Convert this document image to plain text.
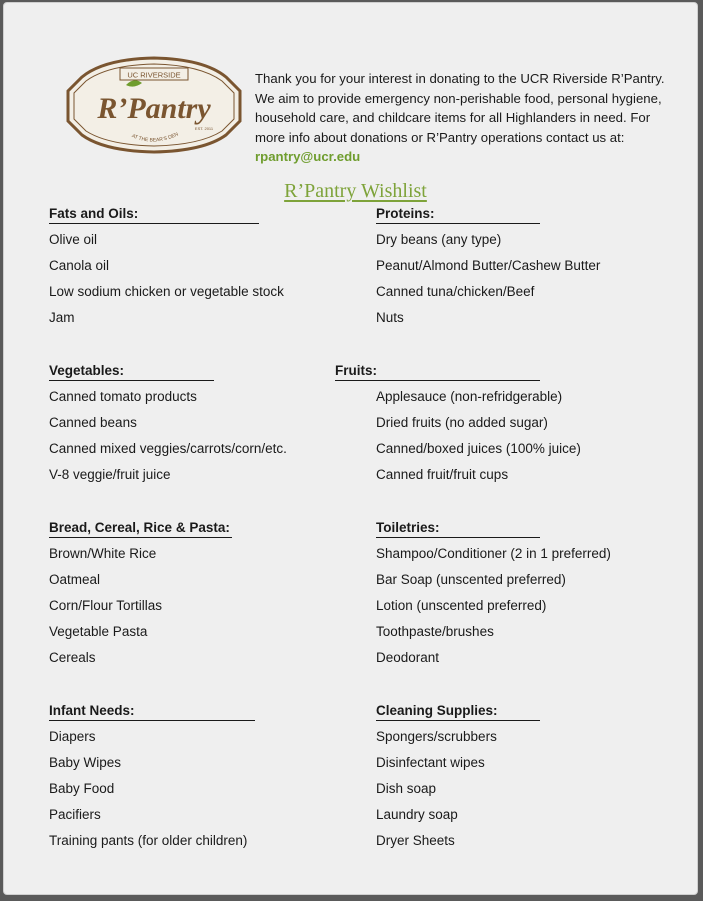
UC RIVERSIDE
R’Pantry
EST. 2011
AT THE BEAR’S DEN
Thank you for your interest in donating to the UCR Riverside R’Pantry. We aim to provide emergency non-perishable food, personal hygiene, household care, and childcare items for all Highlanders in need. For more info about donations or R’Pantry operations contact us at: rpantry@ucr.edu
R’Pantry Wishlist
Fats and Oils:
Olive oil
Canola oil
Low sodium chicken or vegetable stock
Jam
Vegetables:
Canned tomato products
Canned beans
Canned mixed veggies/carrots/corn/etc.
V-8 veggie/fruit juice
Bread, Cereal, Rice & Pasta:
Brown/White Rice
Oatmeal
Corn/Flour Tortillas
Vegetable Pasta
Cereals
Infant Needs:
Diapers
Baby Wipes
Baby Food
Pacifiers
Training pants (for older children)
Proteins:
Dry beans (any type)
Peanut/Almond Butter/Cashew Butter
Canned tuna/chicken/Beef
Nuts
Fruits:
Applesauce (non-refridgerable)
Dried fruits (no added sugar)
Canned/boxed juices (100% juice)
Canned fruit/fruit cups
Toiletries:
Shampoo/Conditioner (2 in 1 preferred)
Bar Soap (unscented preferred)
Lotion (unscented preferred)
Toothpaste/brushes
Deodorant
Cleaning Supplies:
Spongers/scrubbers
Disinfectant wipes
Dish soap
Laundry soap
Dryer Sheets
